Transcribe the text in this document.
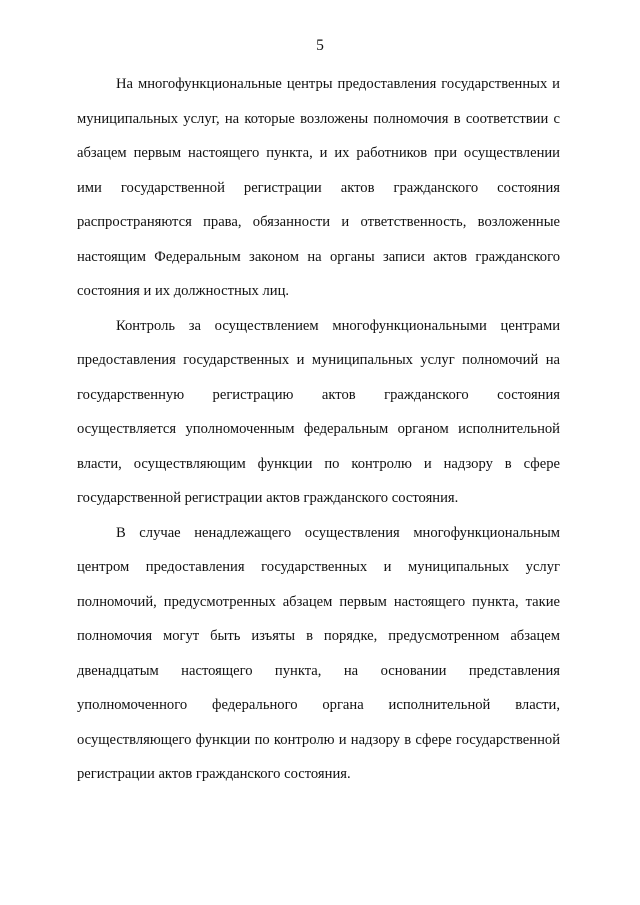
5

На многофункциональные центры предоставления государственных и муниципальных услуг, на которые возложены полномочия в соответствии с абзацем первым настоящего пункта, и их работников при осуществлении ими государственной регистрации актов гражданского состояния распространяются права, обязанности и ответственность, возложенные настоящим Федеральным законом на органы записи актов гражданского состояния и их должностных лиц.

Контроль за осуществлением многофункциональными центрами предоставления государственных и муниципальных услуг полномочий на государственную регистрацию актов гражданского состояния осуществляется уполномоченным федеральным органом исполнительной власти, осуществляющим функции по контролю и надзору в сфере государственной регистрации актов гражданского состояния.

В случае ненадлежащего осуществления многофункциональным центром предоставления государственных и муниципальных услуг полномочий, предусмотренных абзацем первым настоящего пункта, такие полномочия могут быть изъяты в порядке, предусмотренном абзацем двенадцатым настоящего пункта, на основании представления уполномоченного федерального органа исполнительной власти, осуществляющего функции по контролю и надзору в сфере государственной регистрации актов гражданского состояния.
